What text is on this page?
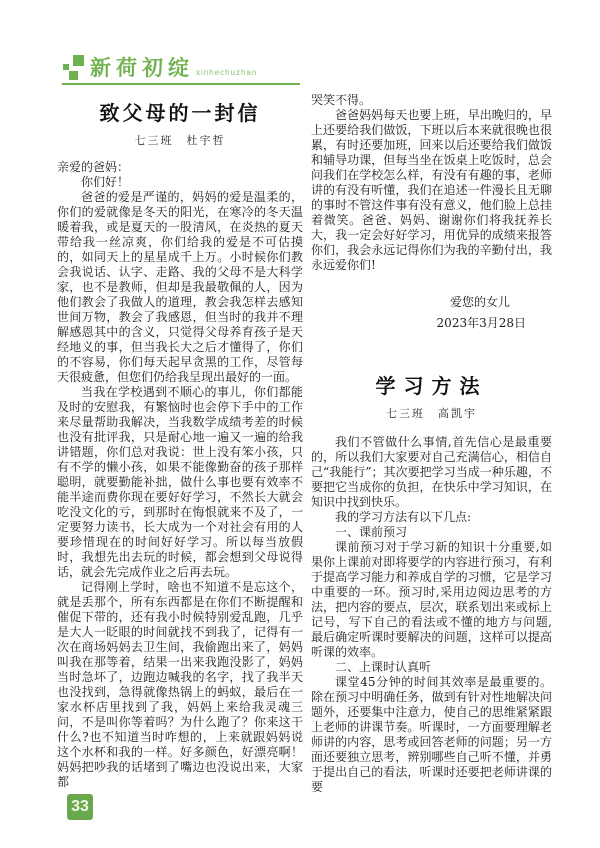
新荷初绽 xinhechuzhan
致父母的一封信
七三班　杜宇哲

亲爱的爸妈：

你们好！

爸爸的爱是严谨的，妈妈的爱是温柔的，你们的爱就像是冬天的阳光，在寒冷的冬天温暖着我，或是夏天的一股清风，在炎热的夏天带给我一丝凉爽，你们给我的爱是不可估摸的，如同天上的星星成千上万。小时候你们教会我说话、认字、走路、我的父母不是大科学家，也不是教师，但却是我最敬佩的人，因为他们教会了我做人的道理，教会我怎样去感知世间万物，教会了我感恩，但当时的我并不理解感恩其中的含义，只觉得父母养育孩子是天经地义的事，但当我长大之后才懂得了，你们的不容易，你们每天起早贪黑的工作，尽管每天很疲惫，但您们仍给我呈现出最好的一面。

当我在学校遇到不顺心的事儿，你们都能及时的安慰我，有繁恼时也会停下手中的工作来尽量帮助我解决，当我数学成绩考差的时候也没有批评我，只是耐心地一遍又一遍的给我讲错题，你们总对我说：世上没有笨小孩，只有不学的懒小孩，如果不能像勤奋的孩子那样聪明，就要勤能补拙，做什么事也要有效率不能半途而费你现在要好好学习，不然长大就会吃没文化的亏，到那时在悔恨就来不及了，一定要努力读书，长大成为一个对社会有用的人要珍惜现在的时间好好学习。所以每当放假时，我想先出去玩的时候，都会想到父母说得话，就会先完成作业之后再去玩。

记得刚上学时，啥也不知道不是忘这个，就是丢那个，所有东西都是在你们不断提醒和催促下带的，还有我小时候特别爱乱跑，几乎是大人一眨眼的时间就找不到我了，记得有一次在商场妈妈去卫生间，我偷跑出来了，妈妈叫我在那等着，结果一出来我跑没影了，妈妈当时急坏了，边跑边喊我的名字，找了我半天也没找到，急得就像热锅上的蚂蚁，最后在一家水杯店里找到了我，妈妈上来给我灵魂三问，不是叫你等着吗？为什么跑了？你来这干什么?也不知道当时咋想的，上来就跟妈妈说这个水杯和我的一样。好多颜色，好漂亮啊！妈妈把吵我的话堵到了嘴边也没说出来，大家都

哭笑不得。

爸爸妈妈每天也要上班，早出晚归的，早上还要给我们做饭，下班以后本来就很晚也很累，有时还要加班，回来以后还要给我们做饭和辅导功课，但每当坐在饭桌上吃饭时，总会问我们在学校怎么样，有没有有趣的事，老师讲的有没有听懂，我们在追述一件漫长且无聊的事时不管这件事有没有意义，他们脸上总挂着微笑。爸爸、妈妈、谢谢你们将我抚养长大，我一定会好好学习，用优异的成绩来报答你们，我会永远记得你们为我的辛勤付出，我永远爱你们!

爱您的女儿
2023年3月28日
学习方法
七三班　高凯宇

我们不管做什么事情,首先信心是最重要的，所以我们大家要对自己充满信心，相信自己“我能行”；其次要把学习当成一种乐趣，不要把它当成你的负担，在快乐中学习知识，在知识中找到快乐。

我的学习方法有以下几点:

一、课前预习

课前预习对于学习新的知识十分重要,如果你上课前对即将要学的内容进行预习，有利于提高学习能力和养成自学的习惯，它是学习中重要的一环。预习时,采用边阅边思考的方法，把内容的要点，层次，联系划出来或标上记号，写下自己的看法或不懂的地方与问题,最后确定听课时要解决的问题，这样可以提高听课的效率。

二、上课时认真听

课堂45分钟的时间其效率是最重要的。除在预习中明确任务，做到有针对性地解决问题外，还要集中注意力，使自己的思维紧紧跟上老师的讲课节奏。听课时，一方面要理解老师讲的内容，思考或回答老师的问题；另一方面还要独立思考，辨别哪些自己听不懂，并勇于提出自己的看法，听课时还要把老师讲课的要

33
